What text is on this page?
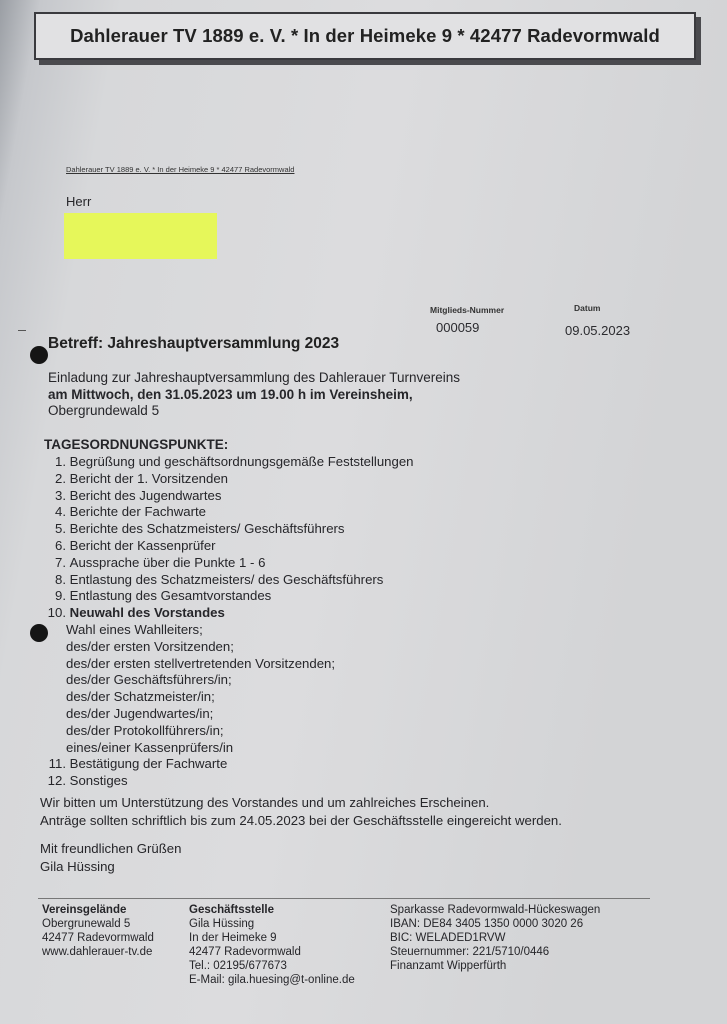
Dahlerauer TV 1889 e. V. * In der Heimeke 9 * 42477 Radevormwald
Dahlerauer TV 1889 e. V. * In der Heimeke 9 * 42477 Radevormwald
Herr
Mitglieds-Nummer	Datum
000059	09.05.2023
Betreff: Jahreshauptversammlung 2023
Einladung zur Jahreshauptversammlung des Dahlerauer Turnvereins
am Mittwoch, den 31.05.2023 um 19.00 h im Vereinsheim,
Obergrundewald 5
TAGESORDNUNGSPUNKTE:
1.
Begrüßung und geschäftsordnungsgemäße Feststellungen
2.
Bericht der 1. Vorsitzenden
3.
Bericht des Jugendwartes
4.
Berichte der Fachwarte
5.
Berichte des Schatzmeisters/ Geschäftsführers
6.
Bericht der Kassenprüfer
7.
Aussprache über die Punkte 1 - 6
8.
Entlastung des Schatzmeisters/ des Geschäftsführers
9.
Entlastung des Gesamtvorstandes
10.
Neuwahl des Vorstandes
Wahl eines Wahlleiters;
des/der ersten Vorsitzenden;
des/der ersten stellvertretenden Vorsitzenden;
des/der Geschäftsführers/in;
des/der Schatzmeister/in;
des/der Jugendwartes/in;
des/der Protokollführers/in;
eines/einer Kassenprüfers/in
11.
Bestätigung der Fachwarte
12.
Sonstiges
Wir bitten um Unterstützung des Vorstandes und um zahlreiches Erscheinen.
Anträge sollten schriftlich bis zum 24.05.2023 bei der Geschäftsstelle eingereicht werden.
Mit freundlichen Grüßen
Gila Hüssing
Vereinsgelände
Obergrunewald 5
42477 Radevormwald
www.dahlerauer-tv.de
Geschäftsstelle
Gila Hüssing
In der Heimeke 9
42477 Radevormwald
Tel.: 02195/677673
E-Mail: gila.huesing@t-online.de
Sparkasse Radevormwald-Hückeswagen
IBAN: DE84 3405 1350 0000 3020 26
BIC: WELADED1RVW
Steuernummer: 221/5710/0446
Finanzamt Wipperfürth
